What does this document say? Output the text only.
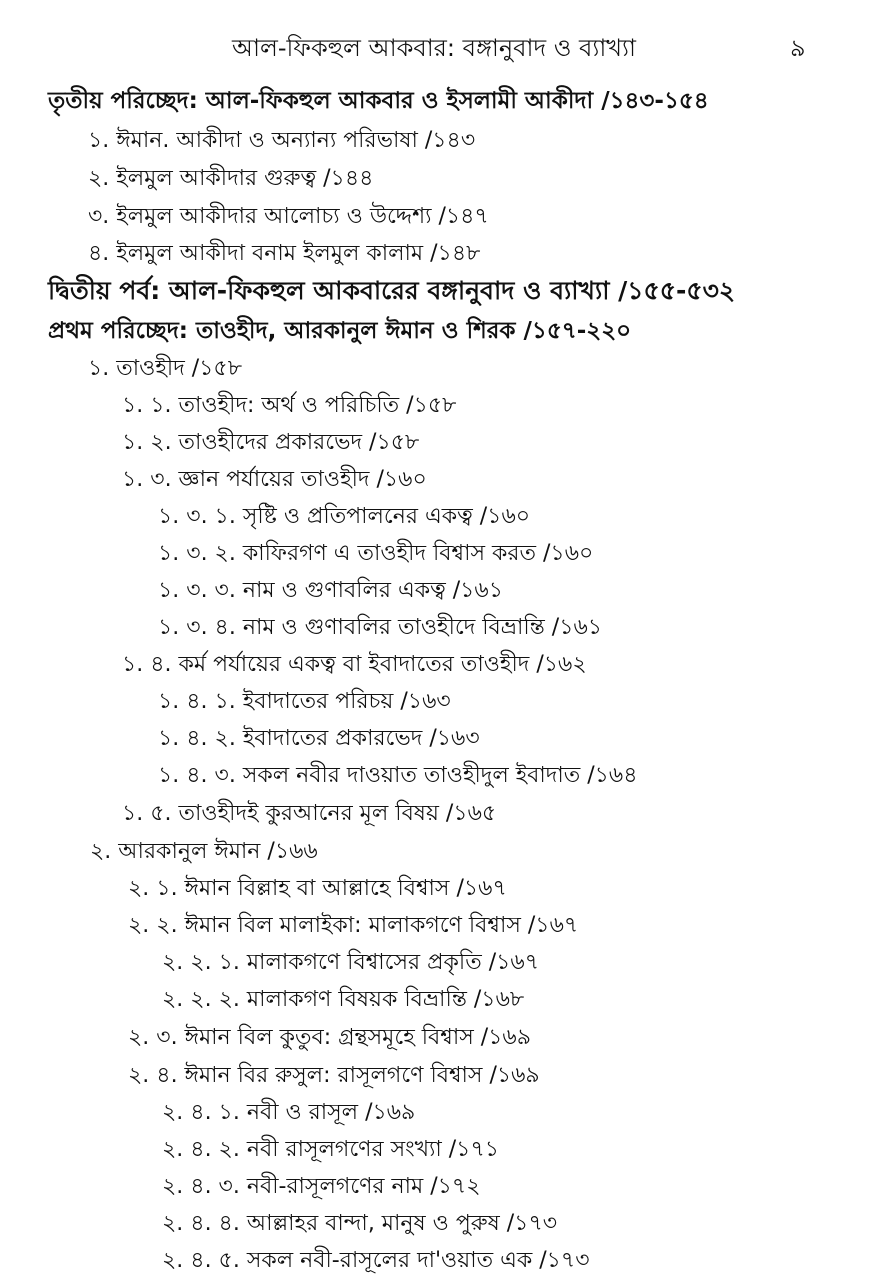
আল-ফিকহুল আকবার: বঙ্গানুবাদ ও ব্যাখ্যা	৯
তৃতীয় পরিচ্ছেদ: আল-ফিকহুল আকবার ও ইসলামী আকীদা /১৪৩-১৫৪
১. ঈমান. আকীদা ও অন্যান্য পরিভাষা /১৪৩
২. ইলমুল আকীদার গুরুত্ব /১৪৪
৩. ইলমুল আকীদার আলোচ্য ও উদ্দেশ্য /১৪৭
৪. ইলমুল আকীদা বনাম ইলমুল কালাম /১৪৮
দ্বিতীয় পর্ব: আল-ফিকহুল আকবারের বঙ্গানুবাদ ও ব্যাখ্যা /১৫৫-৫৩২
প্রথম পরিচ্ছেদ: তাওহীদ, আরকানুল ঈমান ও শিরক /১৫৭-২২০
১. তাওহীদ /১৫৮
১. ১. তাওহীদ: অর্থ ও পরিচিতি /১৫৮
১. ২. তাওহীদের প্রকারভেদ /১৫৮
১. ৩. জ্ঞান পর্যায়ের তাওহীদ /১৬০
১. ৩. ১. সৃষ্টি ও প্রতিপালনের একত্ব /১৬০
১. ৩. ২. কাফিরগণ এ তাওহীদ বিশ্বাস করত /১৬০
১. ৩. ৩. নাম ও গুণাবলির একত্ব /১৬১
১. ৩. ৪. নাম ও গুণাবলির তাওহীদে বিভ্রান্তি /১৬১
১. ৪. কর্ম পর্যায়ের একত্ব বা ইবাদাতের তাওহীদ /১৬২
১. ৪. ১. ইবাদাতের পরিচয় /১৬৩
১. ৪. ২. ইবাদাতের প্রকারভেদ /১৬৩
১. ৪. ৩. সকল নবীর দাওয়াত তাওহীদুল ইবাদাত /১৬৪
১. ৫. তাওহীদই কুরআনের মূল বিষয় /১৬৫
২. আরকানুল ঈমান /১৬৬
২. ১. ঈমান বিল্লাহ বা আল্লাহে বিশ্বাস /১৬৭
২. ২. ঈমান বিল মালাইকা: মালাকগণে বিশ্বাস /১৬৭
২. ২. ১. মালাকগণে বিশ্বাসের প্রকৃতি /১৬৭
২. ২. ২. মালাকগণ বিষয়ক বিভ্রান্তি /১৬৮
২. ৩. ঈমান বিল কুতুব: গ্রন্থসমূহে বিশ্বাস /১৬৯
২. ৪. ঈমান বির রুসুল: রাসূলগণে বিশ্বাস /১৬৯
২. ৪. ১. নবী ও রাসূল /১৬৯
২. ৪. ২. নবী রাসূলগণের সংখ্যা /১৭১
২. ৪. ৩. নবী-রাসূলগণের নাম /১৭২
২. ৪. ৪. আল্লাহর বান্দা, মানুষ ও পুরুষ /১৭৩
২. ৪. ৫. সকল নবী-রাসূলের দা'ওয়াত এক /১৭৩
